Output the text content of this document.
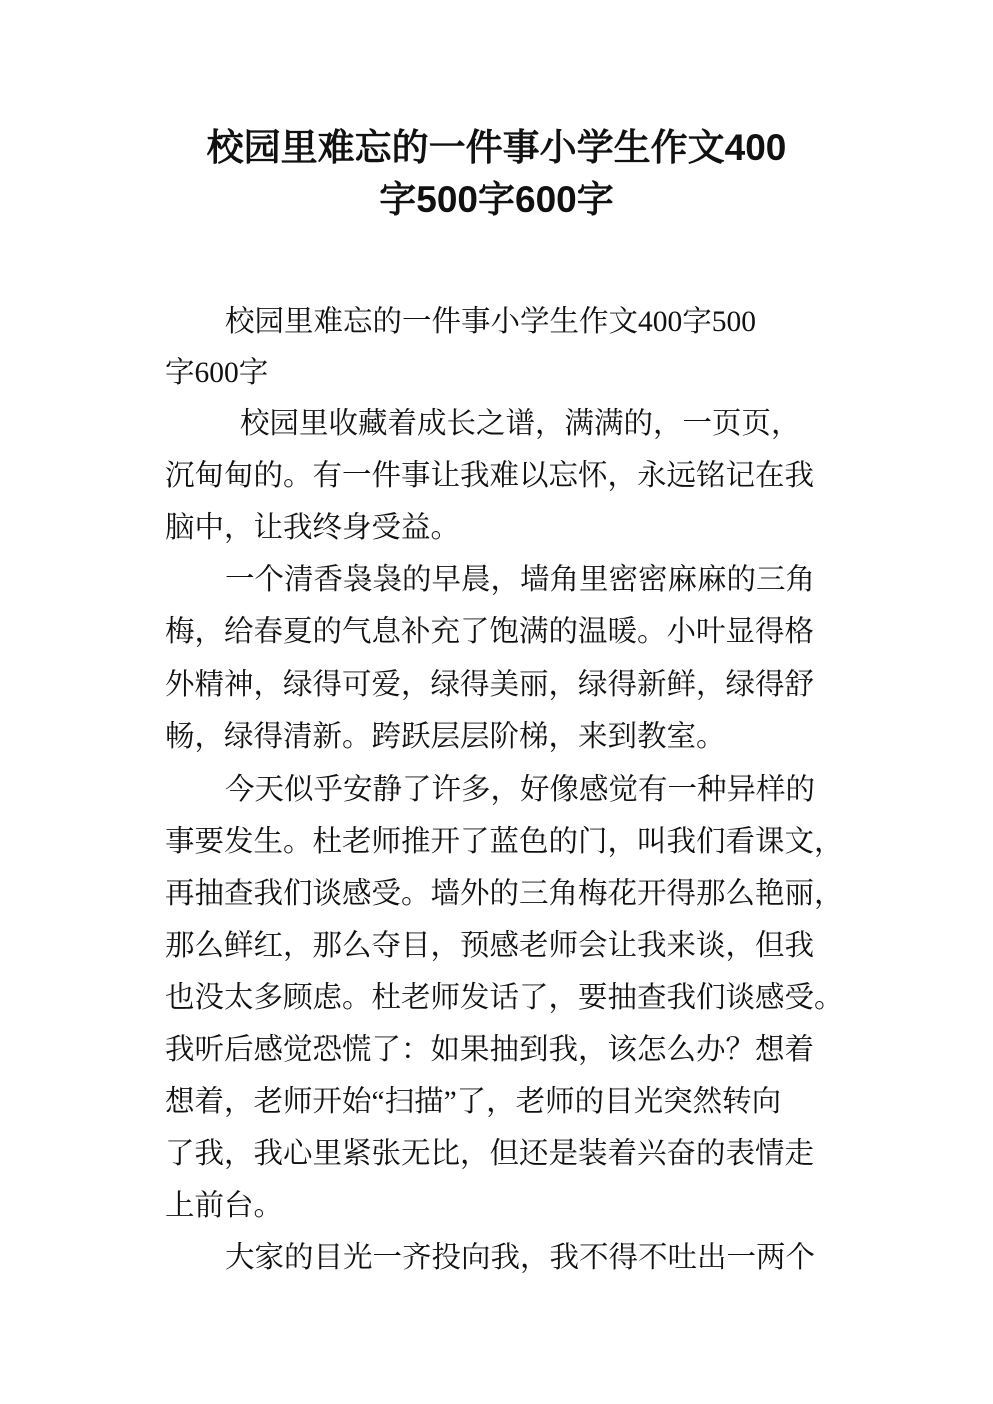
校园里难忘的一件事小学生作文400
字500字600字
校园里难忘的一件事小学生作文400字500
字600字
校园里收藏着成长之谱，满满的，一页页，
沉甸甸的。有一件事让我难以忘怀，永远铭记在我
脑中，让我终身受益。
一个清香袅袅的早晨，墙角里密密麻麻的三角
梅，给春夏的气息补充了饱满的温暖。小叶显得格
外精神，绿得可爱，绿得美丽，绿得新鲜，绿得舒
畅，绿得清新。跨跃层层阶梯，来到教室。
今天似乎安静了许多，好像感觉有一种异样的
事要发生。杜老师推开了蓝色的门，叫我们看课文，
再抽查我们谈感受。墙外的三角梅花开得那么艳丽，
那么鲜红，那么夺目，预感老师会让我来谈，但我
也没太多顾虑。杜老师发话了，要抽查我们谈感受。
我听后感觉恐慌了：如果抽到我，该怎么办？想着
想着，老师开始“扫描”了，老师的目光突然转向
了我，我心里紧张无比，但还是装着兴奋的表情走
上前台。
大家的目光一齐投向我，我不得不吐出一两个
